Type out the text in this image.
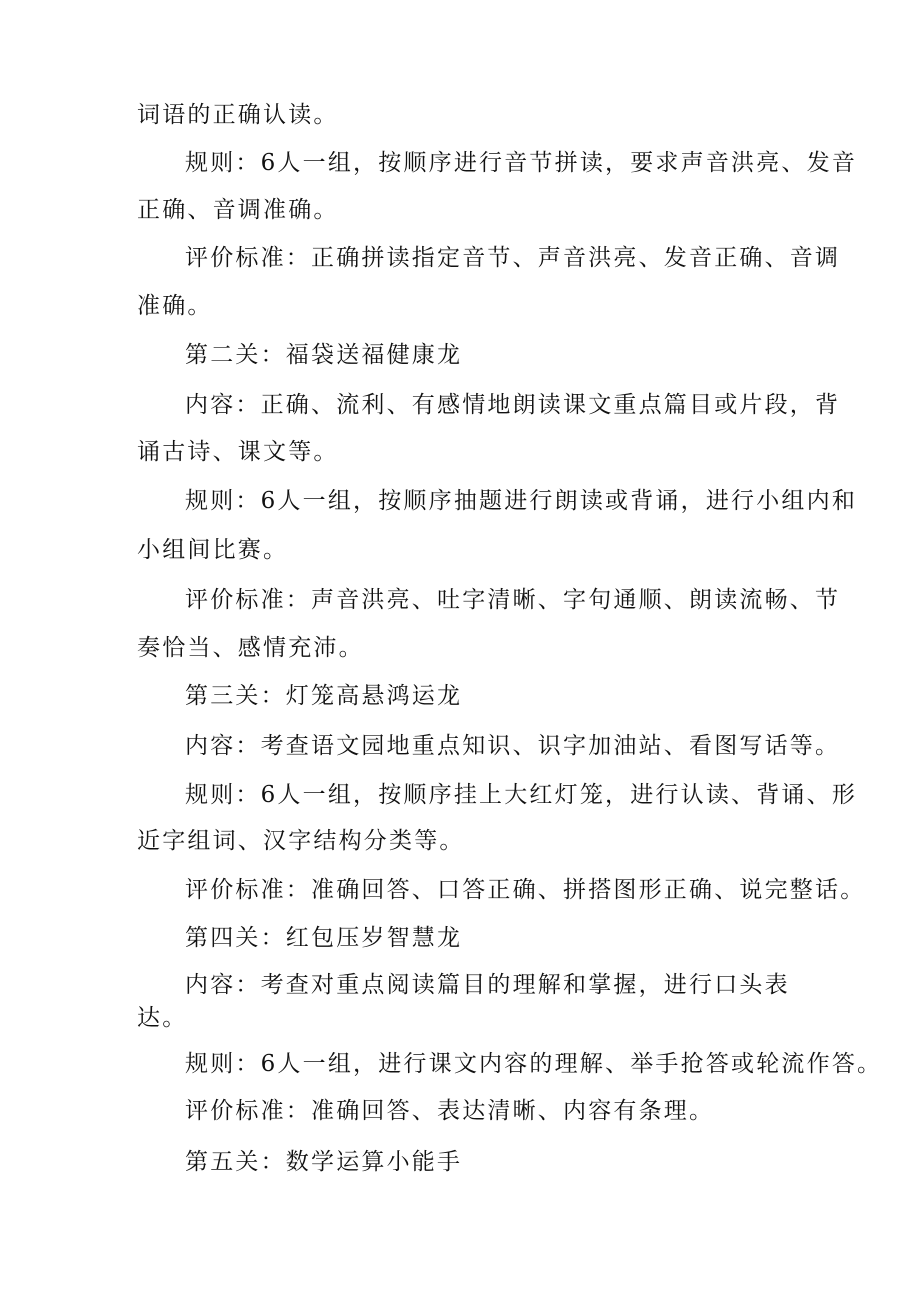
词语的正确认读。
规则：6人一组，按顺序进行音节拼读，要求声音洪亮、发音
正确、音调准确。
评价标准：正确拼读指定音节、声音洪亮、发音正确、音调
准确。
第二关：福袋送福健康龙
内容：正确、流利、有感情地朗读课文重点篇目或片段，背
诵古诗、课文等。
规则：6人一组，按顺序抽题进行朗读或背诵，进行小组内和
小组间比赛。
评价标准：声音洪亮、吐字清晰、字句通顺、朗读流畅、节
奏恰当、感情充沛。
第三关：灯笼高悬鸿运龙
内容：考查语文园地重点知识、识字加油站、看图写话等。
规则：6人一组，按顺序挂上大红灯笼，进行认读、背诵、形
近字组词、汉字结构分类等。
评价标准：准确回答、口答正确、拼搭图形正确、说完整话。
第四关：红包压岁智慧龙
内容：考查对重点阅读篇目的理解和掌握，进行口头表
达。
规则：6人一组，进行课文内容的理解、举手抢答或轮流作答。
评价标准：准确回答、表达清晰、内容有条理。
第五关：数学运算小能手
